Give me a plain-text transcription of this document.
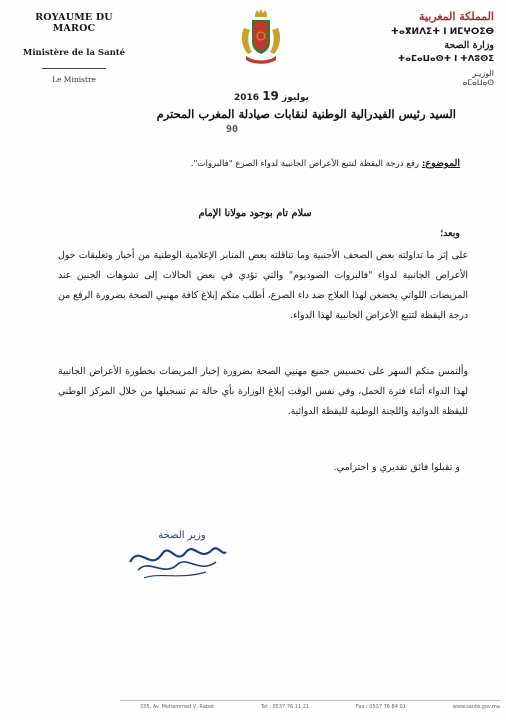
ROYAUME DU MAROC
Ministère de la Santé
Le Ministre
المملكة المغربية
ⵜⴰⴳⵍⴷⵉⵜ ⵏ ⵍⵎⵖⵔⵉⴱ
وزارة الصحة
ⵜⴰⵎⴰⵡⴰⵙⵜ ⵏ ⵜⴷⵓⵙⵉ
الوزيـر
ⴰⵎⴰⵡⴰⵙ
2016 يوليوز 19
السيد رئيس الفيدرالية الوطنية لنقابات صيادلة المغرب المحترم
90
الموضوع: رفع درجة اليقظة لتتبع الأعراض الجانبية لدواء الصرع "فالبروات".
سلام تام بوجود مولانا الإمام
وبعد؛
على إثر ما تداولته بعض الصحف الأجنبية وما تناقلته بعض المنابر الإعلامية الوطنية من أخبار وتعليقات حول الأعراض الجانبية لدواء "فالبروات الصوديوم" والتي تؤدي في بعض الحالات إلى تشوهات الجنين عند المريضات اللواتي يخضعن لهذا العلاج ضد داء الصرع، أطلب منكم إبلاغ كافة مهنيي الصحة بضرورة الرفع من درجة اليقظة لتتبع الأعراض الجانبية لهذا الدواء.
وألتمس منكم السهر على تحسيس جميع مهنيي الصحة بضرورة إخبار المريضات بخطورة الأعراض الجانبية لهذا الدواء أثناء فترة الحمل، وفي نفس الوقت إبلاغ الوزارة بأي حالة تم تسجيلها من خلال المركز الوطني لليقظة الدوائية واللجنة الوطنية لليقظة الدوائية.
و تقبلوا فائق تقديري و احترامي.
وزير الصحة
335, Av. Mohammed V, Rabat	Tel : 0537 76 11 21	Fax : 0537 76 84 01	www.sante.gov.ma
